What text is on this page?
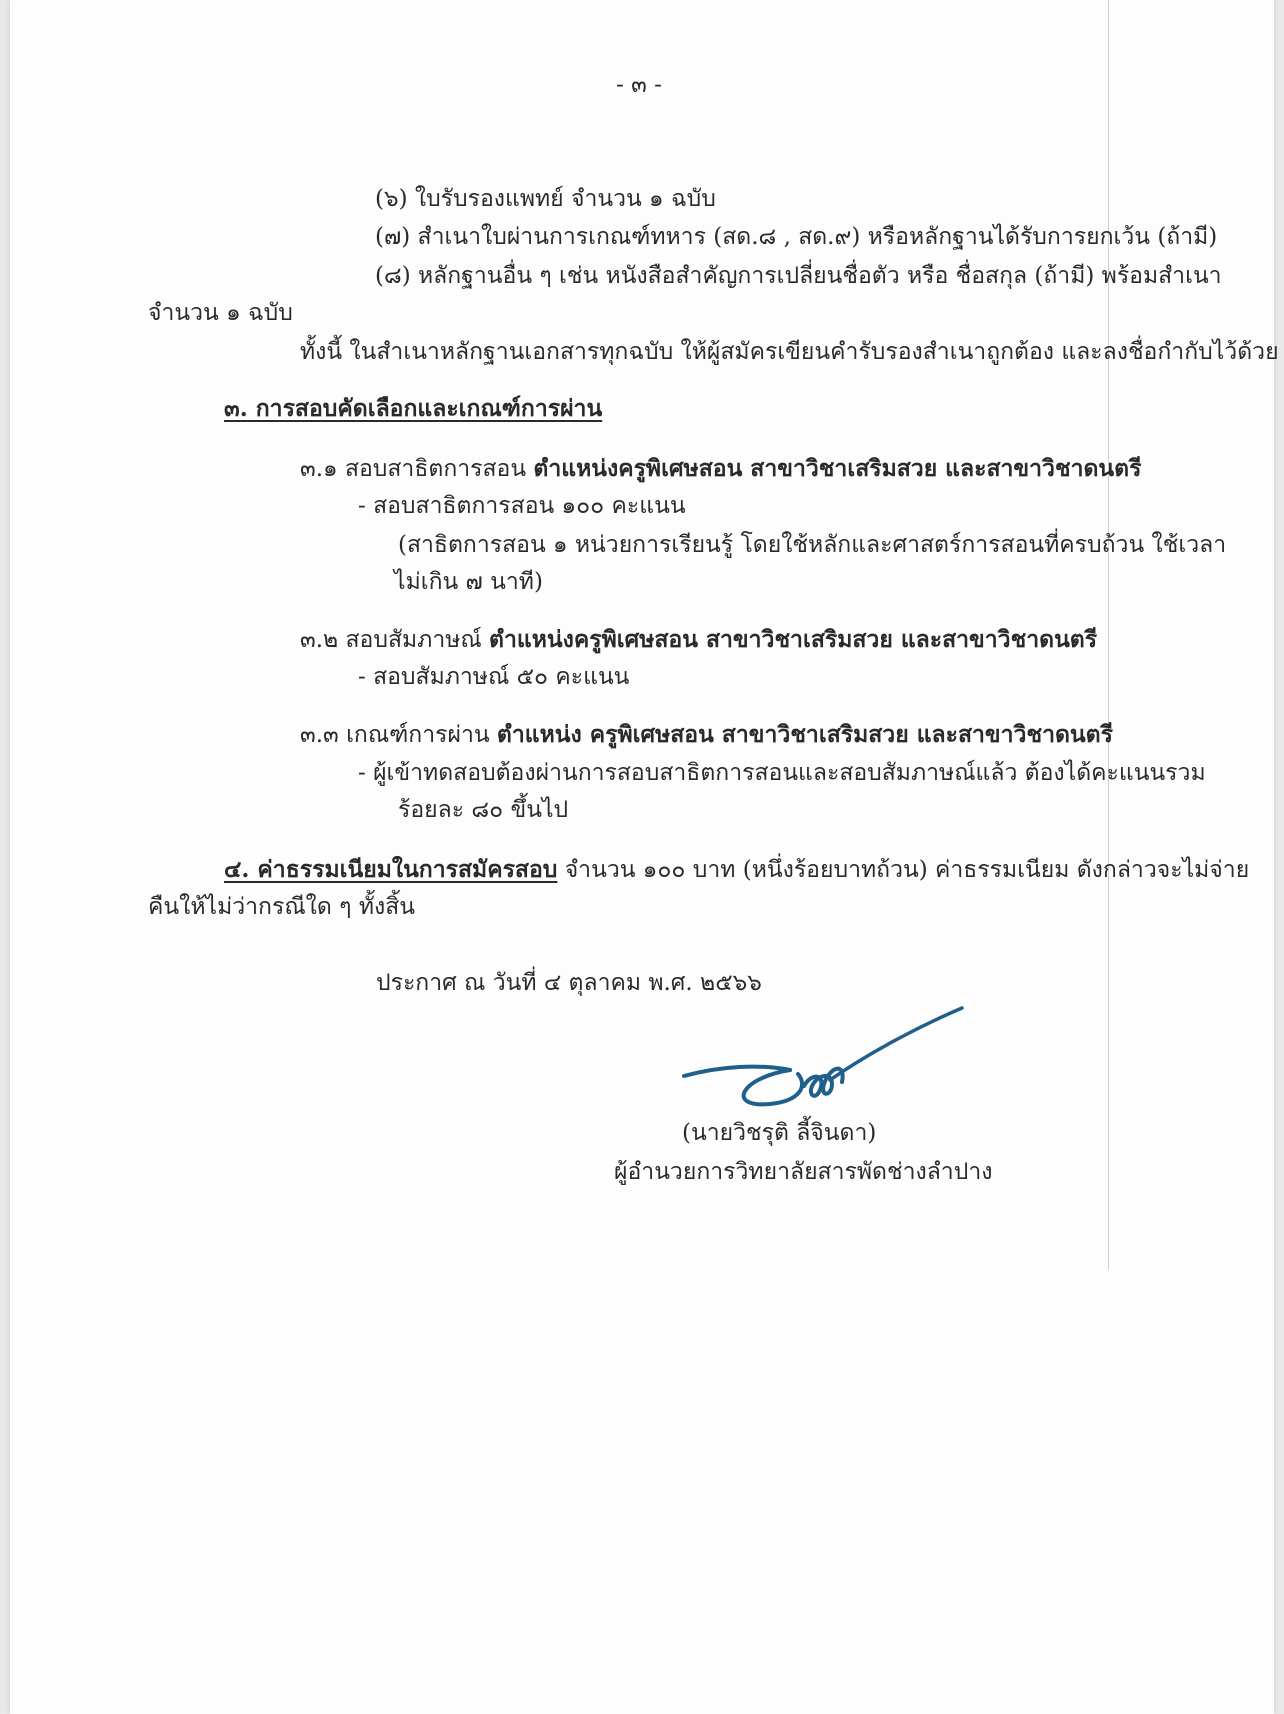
- ๓ -
(๖) ใบรับรองแพทย์ จำนวน ๑ ฉบับ
(๗) สำเนาใบผ่านการเกณฑ์ทหาร (สด.๘ , สด.๙) หรือหลักฐานได้รับการยกเว้น (ถ้ามี)
(๘) หลักฐานอื่น ๆ เช่น หนังสือสำคัญการเปลี่ยนชื่อตัว หรือ ชื่อสกุล (ถ้ามี) พร้อมสำเนา
จำนวน ๑ ฉบับ
ทั้งนี้ ในสำเนาหลักฐานเอกสารทุกฉบับ ให้ผู้สมัครเขียนคำรับรองสำเนาถูกต้อง และลงชื่อกำกับไว้ด้วย
๓. การสอบคัดเลือกและเกณฑ์การผ่าน
๓.๑ สอบสาธิตการสอน ตำแหน่งครูพิเศษสอน สาขาวิชาเสริมสวย และสาขาวิชาดนตรี
- สอบสาธิตการสอน ๑๐๐ คะแนน
(สาธิตการสอน ๑ หน่วยการเรียนรู้ โดยใช้หลักและศาสตร์การสอนที่ครบถ้วน ใช้เวลา
ไม่เกิน ๗ นาที)
๓.๒ สอบสัมภาษณ์ ตำแหน่งครูพิเศษสอน สาขาวิชาเสริมสวย และสาขาวิชาดนตรี
- สอบสัมภาษณ์ ๕๐ คะแนน
๓.๓ เกณฑ์การผ่าน ตำแหน่ง ครูพิเศษสอน สาขาวิชาเสริมสวย และสาขาวิชาดนตรี
- ผู้เข้าทดสอบต้องผ่านการสอบสาธิตการสอนและสอบสัมภาษณ์แล้ว ต้องได้คะแนนรวม
ร้อยละ ๘๐ ขึ้นไป
๔. ค่าธรรมเนียมในการสมัครสอบ จำนวน ๑๐๐ บาท (หนึ่งร้อยบาทถ้วน) ค่าธรรมเนียม ดังกล่าวจะไม่จ่าย
คืนให้ไม่ว่ากรณีใด ๆ ทั้งสิ้น
ประกาศ ณ วันที่ ๔ ตุลาคม พ.ศ. ๒๕๖๖
(นายวิชรุติ ลี้จินดา)
ผู้อำนวยการวิทยาลัยสารพัดช่างลำปาง
